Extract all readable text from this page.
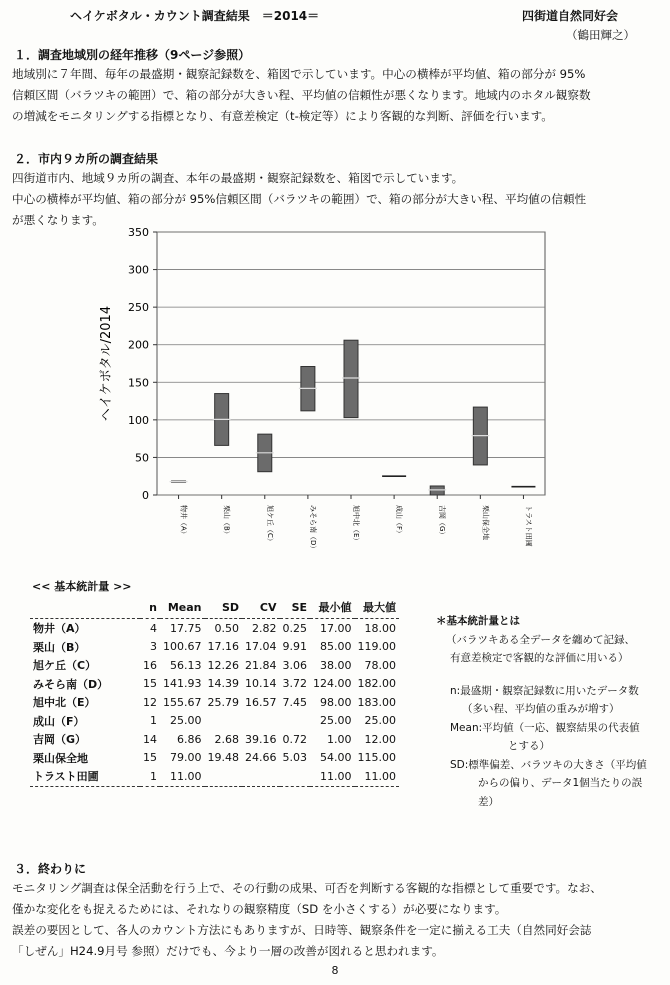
ヘイケボタル・カウント調査結果　＝2014＝	四街道自然同好会
（鶴田輝之）
１．調査地域別の経年推移（9ページ参照）
地域別に７年間、毎年の最盛期・観察記録数を、箱図で示しています。中心の横棒が平均値、箱の部分が 95%
信頼区間（バラツキの範囲）で、箱の部分が大きい程、平均値の信頼性が悪くなります。地域内のホタル観察数
の増減をモニタリングする指標となり、有意差検定（t-検定等）により客観的な判断、評価を行います。
２．市内９カ所の調査結果
四街道市内、地域９カ所の調査、本年の最盛期・観察記録数を、箱図で示しています。
中心の横棒が平均値、箱の部分が 95%信頼区間（バラツキの範囲）で、箱の部分が大きい程、平均値の信頼性
が悪くなります。
0
50
100
150
200
250
300
350
物井（A）	栗山（B）	旭ケ丘（C）	みそら南（D）	旭中北（E）	成山（F）	吉岡（G）	栗山保全地	トラスト田圃
ヘイケボタル/2014
<< 基本統計量 >>
	n	Mean	SD	CV	SE	最小値	最大値
物井（A）	4	17.75	0.50	2.82	0.25	17.00	18.00
栗山（B）	3	100.67	17.16	17.04	9.91	85.00	119.00
旭ケ丘（C）	16	56.13	12.26	21.84	3.06	38.00	78.00
みそら南（D）	15	141.93	14.39	10.14	3.72	124.00	182.00
旭中北（E）	12	155.67	25.79	16.57	7.45	98.00	183.00
成山（F）	1	25.00				25.00	25.00
吉岡（G）	14	6.86	2.68	39.16	0.72	1.00	12.00
栗山保全地	15	79.00	19.48	24.66	5.03	54.00	115.00
トラスト田圃	1	11.00				11.00	11.00
＊基本統計量とは
（バラツキある全データを纏めて記録、
有意差検定で客観的な評価に用いる）
n:最盛期・観察記録数に用いたデータ数
（多い程、平均値の重みが増す）
Mean:平均値（一応、観察結果の代表値
とする）
SD:標準偏差、バラツキの大きさ（平均値
からの偏り、データ1個当たりの誤
差）
３．終わりに
モニタリング調査は保全活動を行う上で、その行動の成果、可否を判断する客観的な指標として重要です。なお、
僅かな変化をも捉えるためには、それなりの観察精度（SD を小さくする）が必要になります。
誤差の要因として、各人のカウント方法にもありますが、日時等、観察条件を一定に揃える工夫（自然同好会誌
「しぜん」H24.9月号 参照）だけでも、今より一層の改善が図れると思われます。
8
